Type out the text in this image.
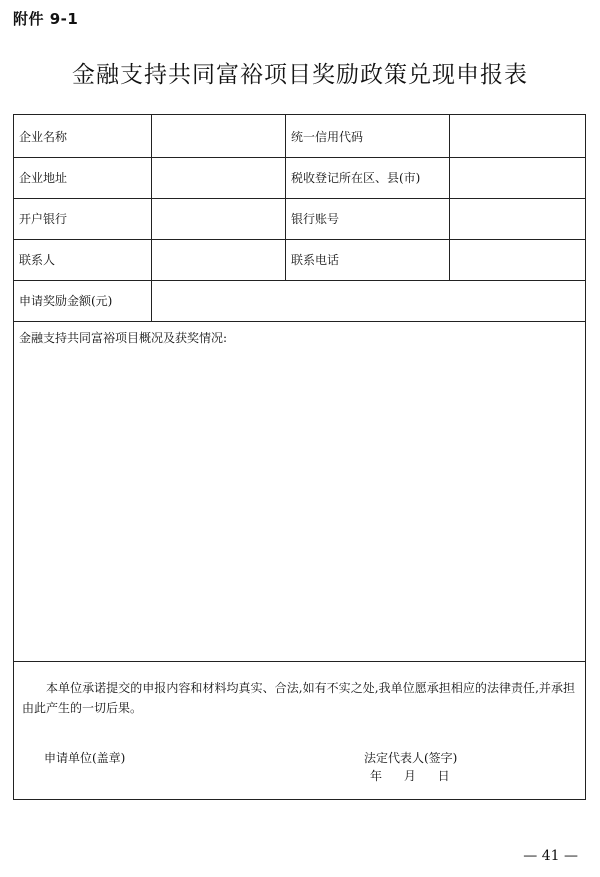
附件 9-1
金融支持共同富裕项目奖励政策兑现申报表
企业名称	统一信用代码
企业地址	税收登记所在区、县(市)
开户银行	银行账号
联系人	联系电话
申请奖励金额(元)
金融支持共同富裕项目概况及获奖情况:
本单位承诺提交的申报内容和材料均真实、合法,如有不实之处,我单位愿承担相应的法律责任,并承担由此产生的一切后果。
申请单位(盖章)	法定代表人(签字)
年 月 日
— 41 —
